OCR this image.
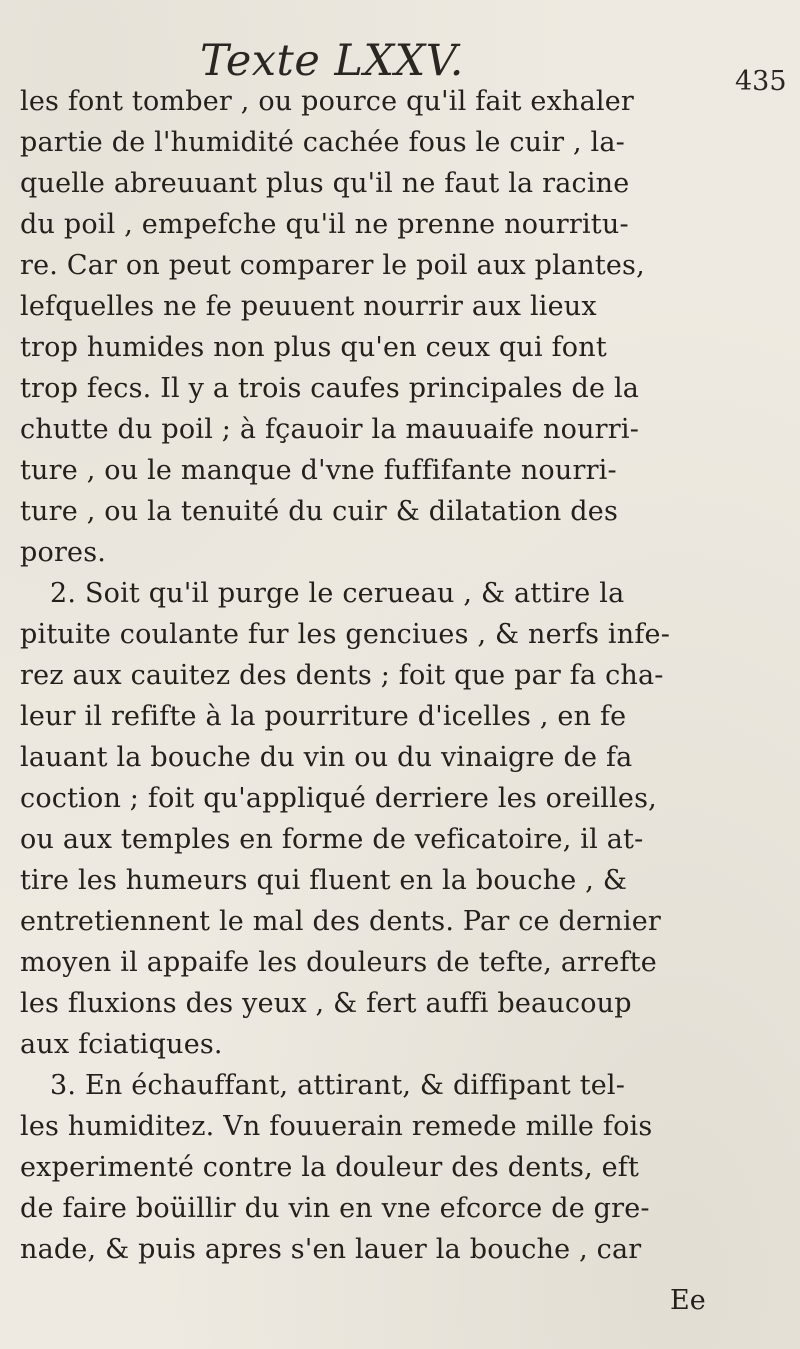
Texte LXXV.	435
les font tomber , ou pource qu'il fait exhaler
partie de l'humidité cachée fous le cuir , la-
quelle abreuuant plus qu'il ne faut la racine
du poil , empefche qu'il ne prenne nourritu-
re. Car on peut comparer le poil aux plantes,
lefquelles ne fe peuuent nourrir aux lieux
trop humides non plus qu'en ceux qui font
trop fecs. Il y a trois caufes principales de la
chutte du poil ; à fçauoir la mauuaife nourri-
ture , ou le manque d'vne fuffifante nourri-
ture , ou la tenuité du cuir & dilatation des
pores.
2. Soit qu'il purge le cerueau , & attire la
pituite coulante fur les genciues , & nerfs infe-
rez aux cauitez des dents ; foit que par fa cha-
leur il refifte à la pourriture d'icelles , en fe
lauant la bouche du vin ou du vinaigre de fa
coction ; foit qu'appliqué derriere les oreilles,
ou aux temples en forme de veficatoire, il at-
tire les humeurs qui fluent en la bouche , &
entretiennent le mal des dents. Par ce dernier
moyen il appaife les douleurs de tefte, arrefte
les fluxions des yeux , & fert auffi beaucoup
aux fciatiques.
3. En échauffant, attirant, & diffipant tel-
les humiditez. Vn fouuerain remede mille fois
experimenté contre la douleur des dents, eft
de faire boüillir du vin en vne efcorce de gre-
nade, & puis apres s'en lauer la bouche , car
Ee
